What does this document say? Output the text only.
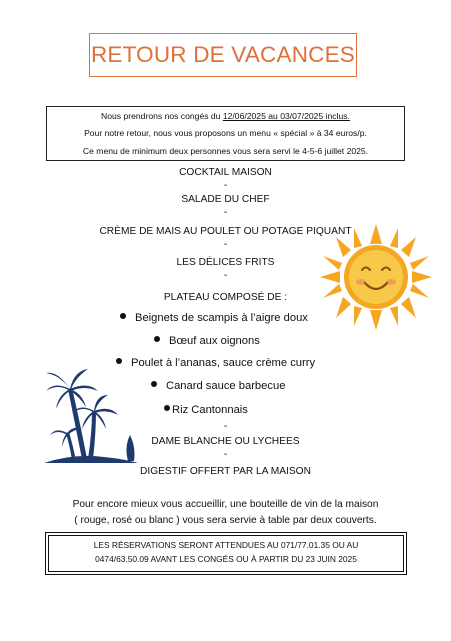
RETOUR DE VACANCES
Nous prendrons nos congés du 12/06/2025 au 03/07/2025 inclus.
Pour notre retour, nous vous proposons un menu « spécial » à 34 euros/p.
Ce menu de minimum deux personnes vous sera servi le 4-5-6 juillet 2025.
COCKTAIL MAISON
-
SALADE DU CHEF
-
CRÈME DE MAIS AU POULET OU POTAGE PIQUANT
-
LES DÉLICES FRITS
-
PLATEAU COMPOSÉ DE :
Beignets de scampis à l’aigre doux
Bœuf aux oignons
Poulet à l’ananas, sauce crème curry
Canard sauce barbecue
Riz Cantonnais
-
DAME BLANCHE OU LYCHEES
-
DIGESTIF OFFERT PAR LA MAISON
Pour encore mieux vous accueillir, une bouteille de vin de la maison
( rouge, rosé ou blanc ) vous sera servie à table par deux couverts.
LES RÉSERVATIONS SERONT ATTENDUES AU 071/77.01.35 OU AU
0474/63.50.09 AVANT LES CONGÉS OU À PARTIR DU 23 JUIN 2025
